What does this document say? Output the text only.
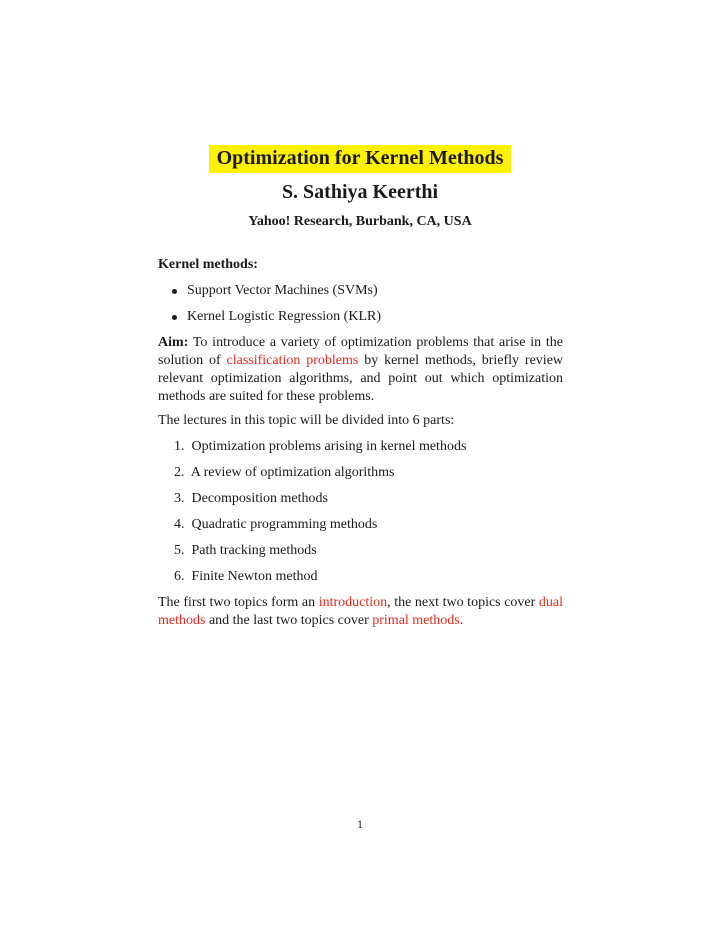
Optimization for Kernel Methods
S. Sathiya Keerthi
Yahoo! Research, Burbank, CA, USA
Kernel methods:
Support Vector Machines (SVMs)
Kernel Logistic Regression (KLR)
Aim: To introduce a variety of optimization problems that arise in the solution of classification problems by kernel methods, briefly review relevant optimization algorithms, and point out which optimization methods are suited for these problems.
The lectures in this topic will be divided into 6 parts:
1. Optimization problems arising in kernel methods
2. A review of optimization algorithms
3. Decomposition methods
4. Quadratic programming methods
5. Path tracking methods
6. Finite Newton method
The first two topics form an introduction, the next two topics cover dual methods and the last two topics cover primal methods.
1
